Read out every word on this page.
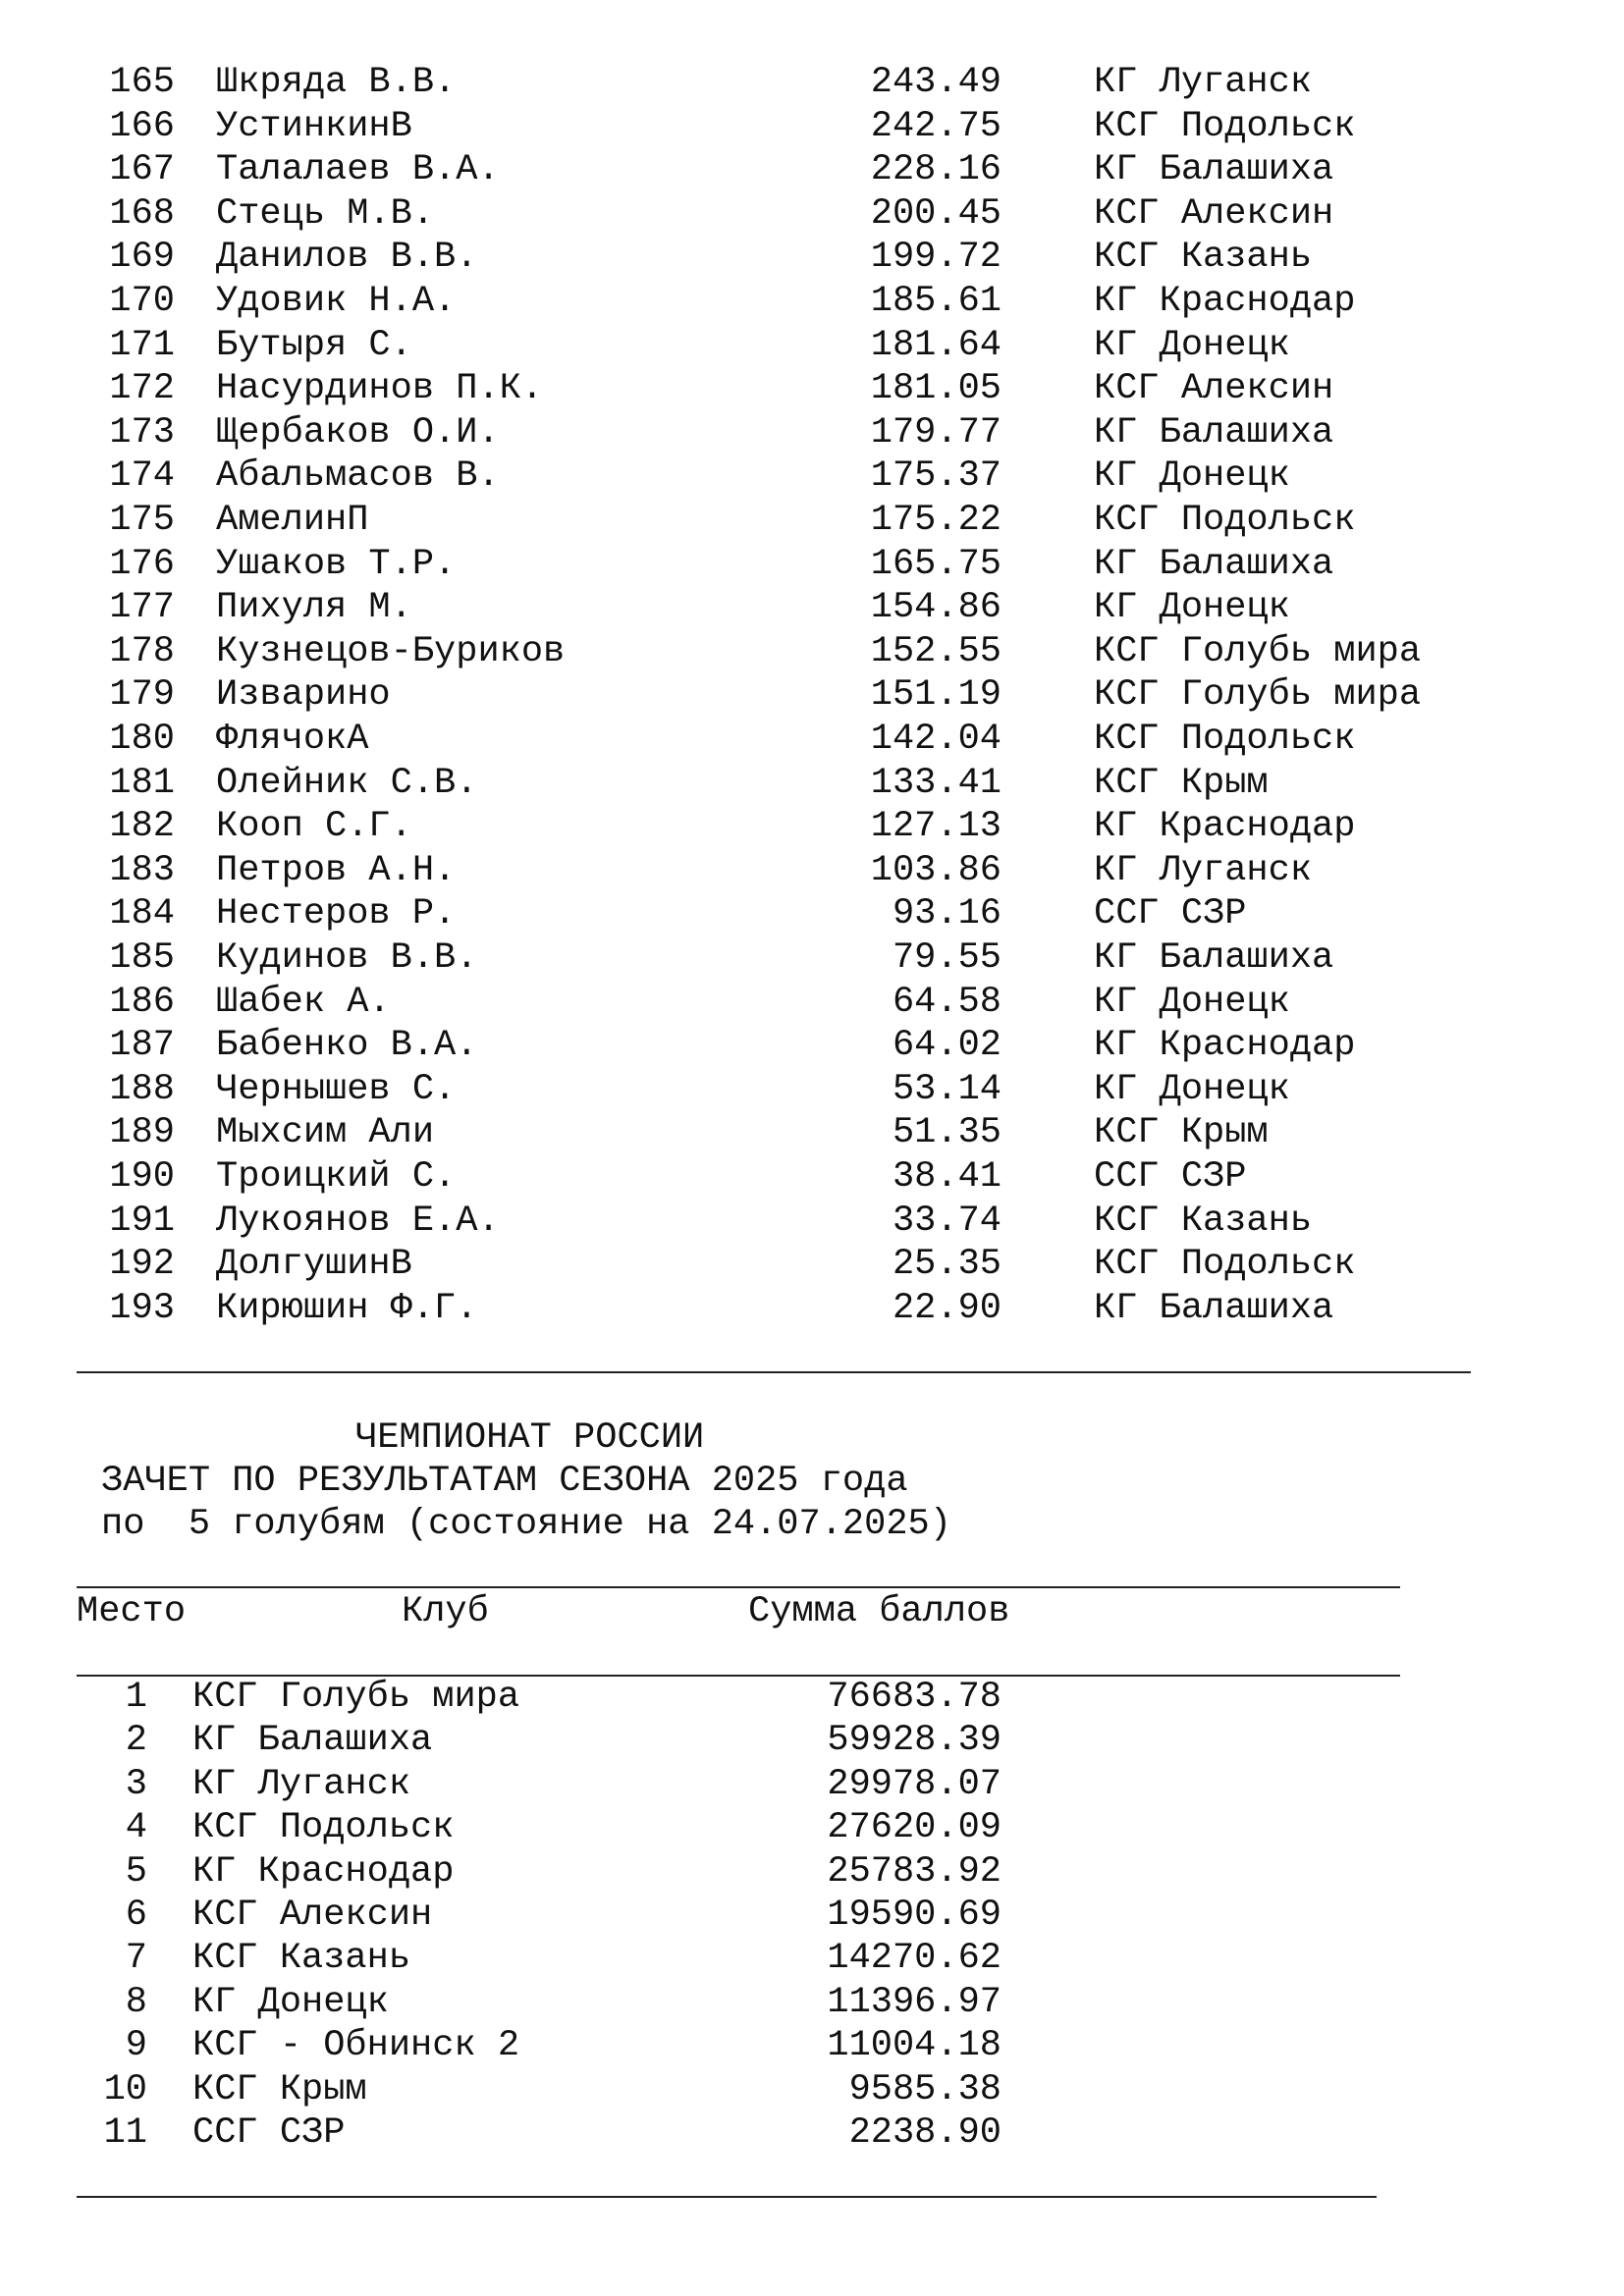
165 Шкряда В.В.	243.49	КГ Луганск
166 УстинкинВ	242.75	КСГ Подольск
167 Талалаев В.А.	228.16	КГ Балашиха
168 Стець М.В.	200.45	КСГ Алексин
169 Данилов В.В.	199.72	КСГ Казань
170 Удовик Н.А.	185.61	КГ Краснодар
171 Бутыря С.	181.64	КГ Донецк
172 Насурдинов П.К.	181.05	КСГ Алексин
173 Щербаков О.И.	179.77	КГ Балашиха
174 Абальмасов В.	175.37	КГ Донецк
175 АмелинП	175.22	КСГ Подольск
176 Ушаков Т.Р.	165.75	КГ Балашиха
177 Пихуля М.	154.86	КГ Донецк
178 Кузнецов-Буриков	152.55	КСГ Голубь мира
179 Изварино	151.19	КСГ Голубь мира
180 ФлячокА	142.04	КСГ Подольск
181 Олейник С.В.	133.41	КСГ Крым
182 Кооп С.Г.	127.13	КГ Краснодар
183 Петров А.Н.	103.86	КГ Луганск
184 Нестеров Р.	93.16	ССГ СЗР
185 Кудинов В.В.	79.55	КГ Балашиха
186 Шабек А.	64.58	КГ Донецк
187 Бабенко В.А.	64.02	КГ Краснодар
188 Чернышев С.	53.14	КГ Донецк
189 Мыхсим Али	51.35	КСГ Крым
190 Троицкий С.	38.41	ССГ СЗР
191 Лукоянов Е.А.	33.74	КСГ Казань
192 ДолгушинВ	25.35	КСГ Подольск
193 Кирюшин Ф.Г.	22.90	КГ Балашиха
ЧЕМПИОНАТ РОССИИ
ЗАЧЕТ ПО РЕЗУЛЬТАТАМ СЕЗОНА 2025 года
по  5 голубям (состояние на 24.07.2025)
Место	Клуб	Сумма баллов
1 КСГ Голубь мира	76683.78
2 КГ Балашиха	59928.39
3 КГ Луганск	29978.07
4 КСГ Подольск	27620.09
5 КГ Краснодар	25783.92
6 КСГ Алексин	19590.69
7 КСГ Казань	14270.62
8 КГ Донецк	11396.97
9 КСГ - Обнинск 2	11004.18
10 КСГ Крым	9585.38
11 ССГ СЗР	2238.90
